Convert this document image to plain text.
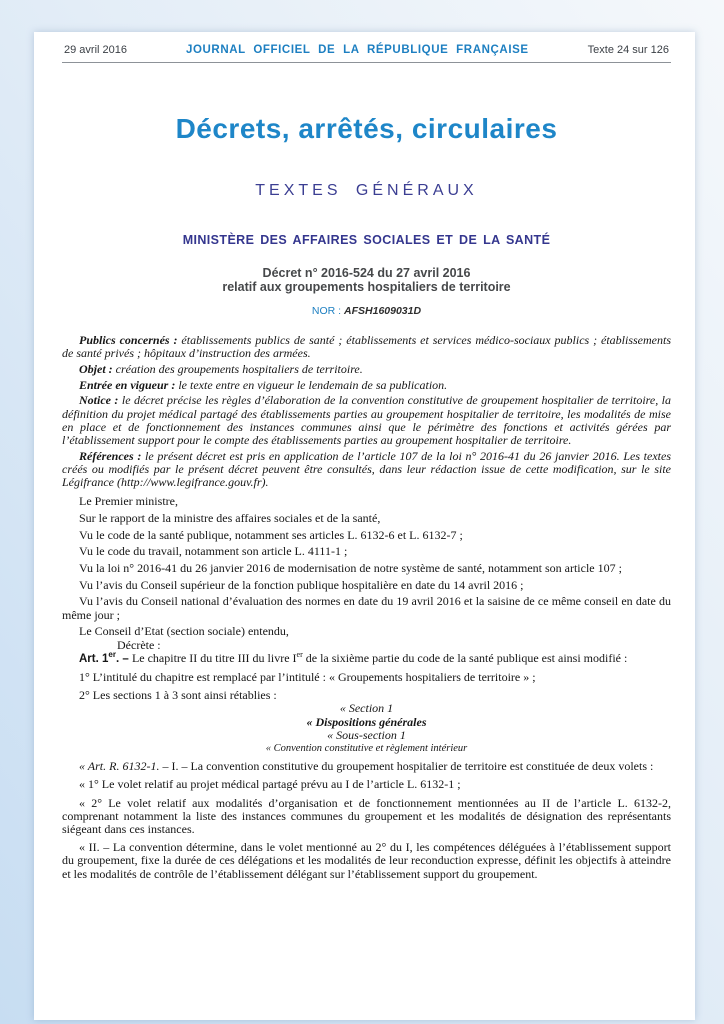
29 avril 2016	JOURNAL OFFICIEL DE LA RÉPUBLIQUE FRANÇAISE	Texte 24 sur 126
Décrets, arrêtés, circulaires
TEXTES GÉNÉRAUX
MINISTÈRE DES AFFAIRES SOCIALES ET DE LA SANTÉ
Décret n° 2016-524 du 27 avril 2016
relatif aux groupements hospitaliers de territoire
NOR : AFSH1609031D

Publics concernés : établissements publics de santé ; établissements et services médico-sociaux publics ; établissements de santé privés ; hôpitaux d’instruction des armées.

Objet : création des groupements hospitaliers de territoire.

Entrée en vigueur : le texte entre en vigueur le lendemain de sa publication.

Notice : le décret précise les règles d’élaboration de la convention constitutive de groupement hospitalier de territoire, la définition du projet médical partagé des établissements parties au groupement hospitalier de territoire, les modalités de mise en place et de fonctionnement des instances communes ainsi que le périmètre des fonctions et activités gérées par l’établissement support pour le compte des établissements parties au groupement hospitalier de territoire.

Références : le présent décret est pris en application de l’article 107 de la loi n° 2016-41 du 26 janvier 2016. Les textes créés ou modifiés par le présent décret peuvent être consultés, dans leur rédaction issue de cette modification, sur le site Légifrance (http://www.legifrance.gouv.fr).

Le Premier ministre,

Sur le rapport de la ministre des affaires sociales et de la santé,

Vu le code de la santé publique, notamment ses articles L. 6132-6 et L. 6132-7 ;

Vu le code du travail, notamment son article L. 4111-1 ;

Vu la loi n° 2016-41 du 26 janvier 2016 de modernisation de notre système de santé, notamment son article 107 ;

Vu l’avis du Conseil supérieur de la fonction publique hospitalière en date du 14 avril 2016 ;

Vu l’avis du Conseil national d’évaluation des normes en date du 19 avril 2016 et la saisine de ce même conseil en date du même jour ;

Le Conseil d’Etat (section sociale) entendu,

Décrète :

Art. 1er. – Le chapitre II du titre III du livre Ier de la sixième partie du code de la santé publique est ainsi modifié :

1° L’intitulé du chapitre est remplacé par l’intitulé : « Groupements hospitaliers de territoire » ;

2° Les sections 1 à 3 sont ainsi rétablies :

« Section 1

« Dispositions générales

« Sous-section 1

« Convention constitutive et règlement intérieur

« Art. R. 6132-1. – I. – La convention constitutive du groupement hospitalier de territoire est constituée de deux volets :

« 1° Le volet relatif au projet médical partagé prévu au I de l’article L. 6132-1 ;

« 2° Le volet relatif aux modalités d’organisation et de fonctionnement mentionnées au II de l’article L. 6132-2, comprenant notamment la liste des instances communes du groupement et les modalités de désignation des représentants siégeant dans ces instances.

« II. – La convention détermine, dans le volet mentionné au 2° du I, les compétences déléguées à l’établissement support du groupement, fixe la durée de ces délégations et les modalités de leur reconduction expresse, définit les objectifs à atteindre et les modalités de contrôle de l’établissement délégant sur l’établissement support du groupement.
